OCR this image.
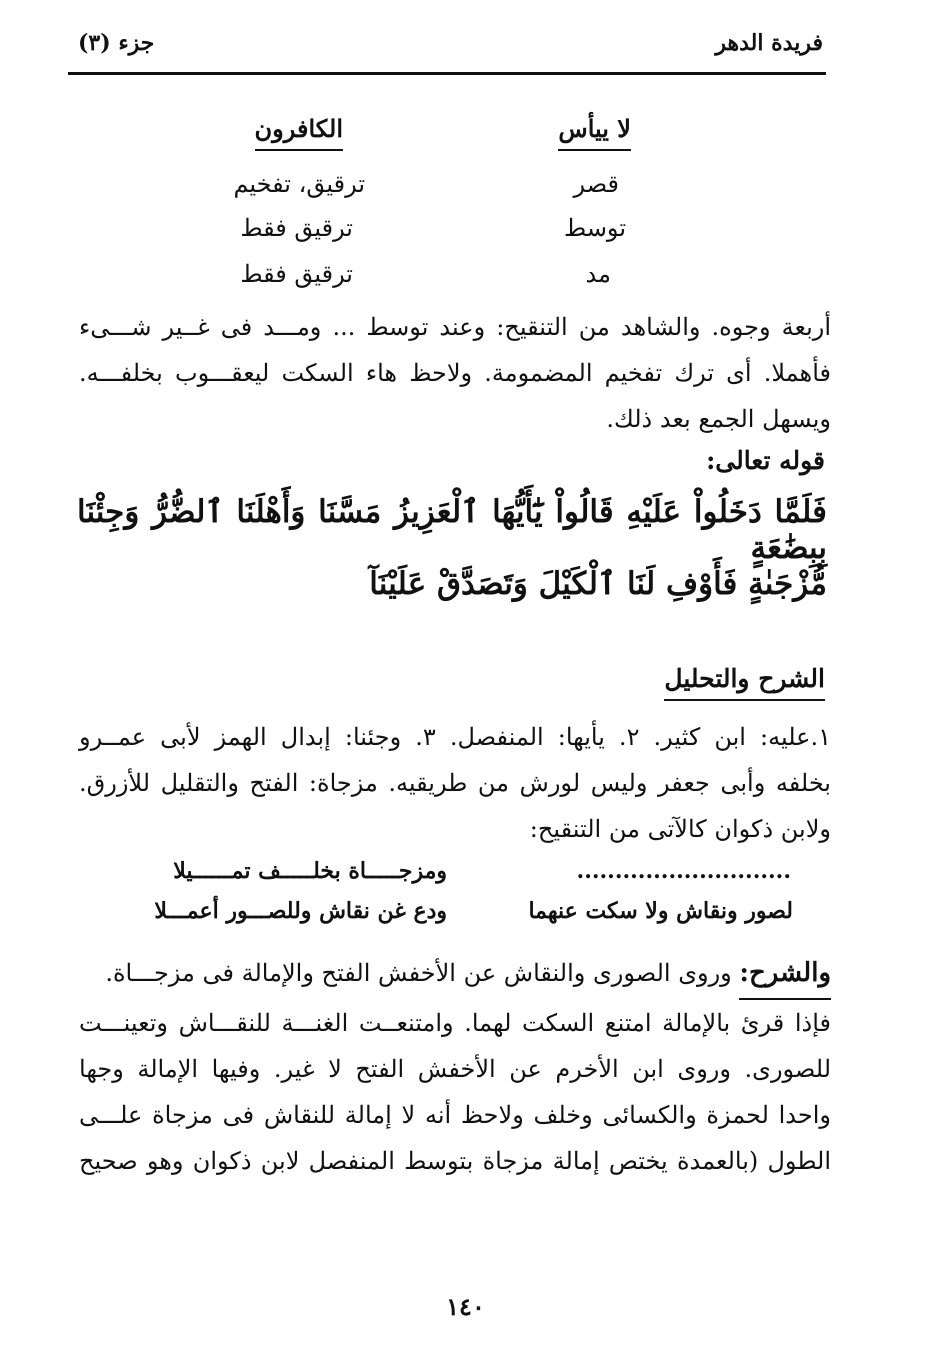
فريدة الدهر
جزء (٣)
لا ييأس
الكافرون
قصر
ترقيق، تفخيم
توسط
ترقيق فقط
مد
ترقيق فقط
أربعة وجوه. والشاهد من التنقيح: وعند توسط ... ومـــد فى غــير شـــىء
فأهملا. أى ترك تفخيم المضمومة. ولاحظ هاء السكت ليعقـــوب بخلفـــه.
ويسهل الجمع بعد ذلك.
قوله تعالى:
فَلَمَّا دَخَلُواْ عَلَيْهِ قَالُواْ يَٰٓأَيُّهَا ٱلْعَزِيزُ مَسَّنَا وَأَهْلَنَا ٱلضُّرُّ وَجِئْنَا بِبِضَٰعَةٍ
مُّزْجَىٰةٍ فَأَوْفِ لَنَا ٱلْكَيْلَ وَتَصَدَّقْ عَلَيْنَآ
الشرح والتحليل
١.عليه: ابن كثير. ٢. يأيها: المنفصل. ٣. وجئنا: إبدال الهمز لأبى عمــرو
بخلفه وأبى جعفر وليس لورش من طريقيه. مزجاة: الفتح والتقليل للأزرق.
ولابن ذكوان كالآتى من التنقيح:
............................
ومزجـــــاة بخلـــــف تمــــــيلا
لصور ونقاش ولا سكت عنهما
ودع غن نقاش وللصـــور أعمـــلا
والشرح: وروى الصورى والنقاش عن الأخفش الفتح والإمالة فى مزجـــاة.
فإذا قرئ بالإمالة امتنع السكت لهما. وامتنعــت الغنـــة للنقـــاش وتعينـــت
للصورى. وروى ابن الأخرم عن الأخفش الفتح لا غير. وفيها الإمالة وجها
واحدا لحمزة والكسائى وخلف ولاحظ أنه لا إمالة للنقاش فى مزجاة علـــى
الطول (بالعمدة يختص إمالة مزجاة بتوسط المنفصل لابن ذكوان وهو صحيح
١٤٠
